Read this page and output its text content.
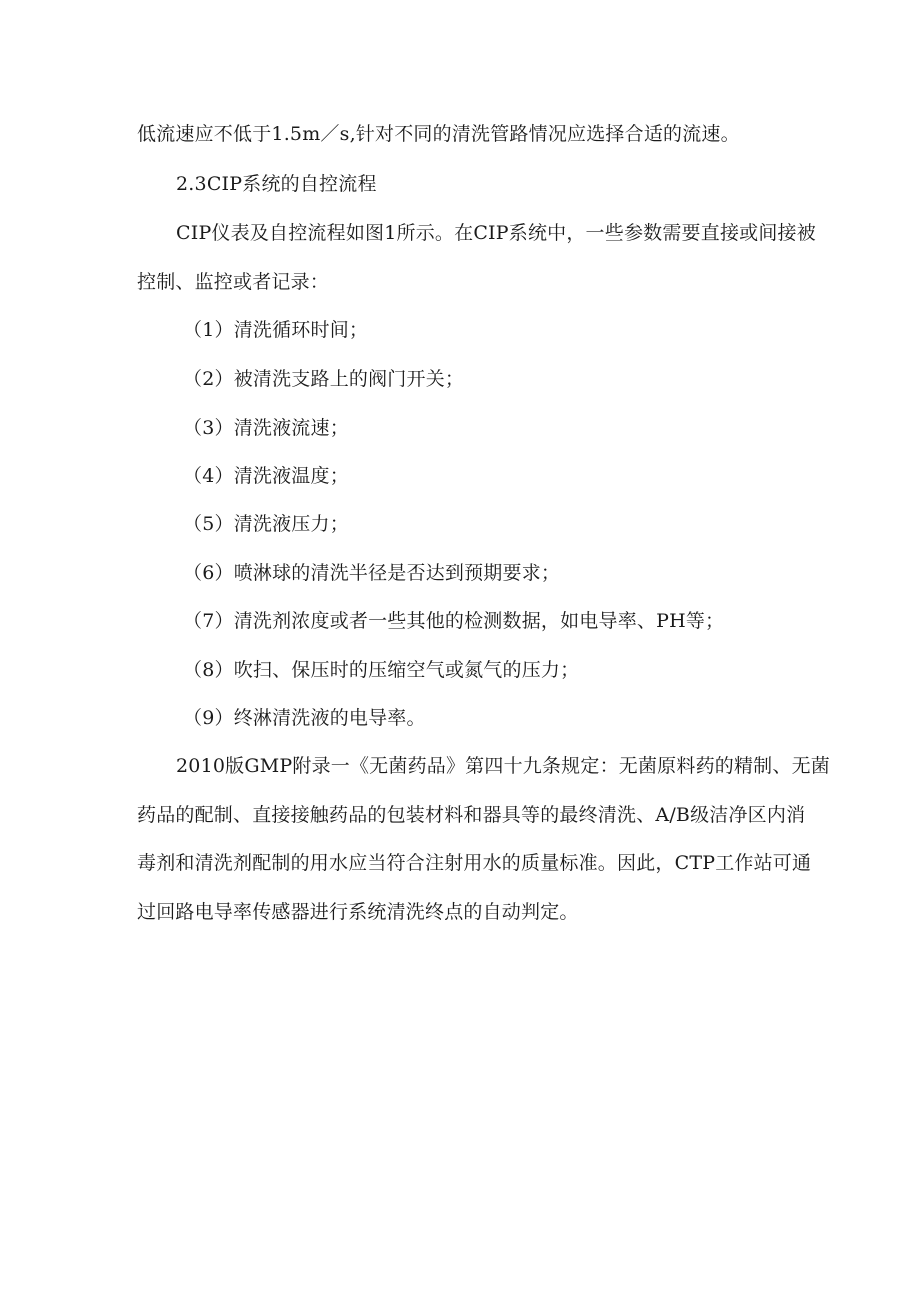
低流速应不低于1.5m／s,针对不同的清洗管路情况应选择合适的流速。
2.3CIP系统的自控流程
CIP仪表及自控流程如图1所示。在CIP系统中，一些参数需要直接或间接被
控制、监控或者记录：
（1）清洗循环时间；
（2）被清洗支路上的阀门开关；
（3）清洗液流速；
（4）清洗液温度；
（5）清洗液压力；
（6）喷淋球的清洗半径是否达到预期要求；
（7）清洗剂浓度或者一些其他的检测数据，如电导率、PH等；
（8）吹扫、保压时的压缩空气或氮气的压力；
（9）终淋清洗液的电导率。
2010版GMP附录一《无菌药品》第四十九条规定：无菌原料药的精制、无菌
药品的配制、直接接触药品的包装材料和器具等的最终清洗、A/B级洁净区内消
毒剂和清洗剂配制的用水应当符合注射用水的质量标准。因此，CTP工作站可通
过回路电导率传感器进行系统清洗终点的自动判定。
